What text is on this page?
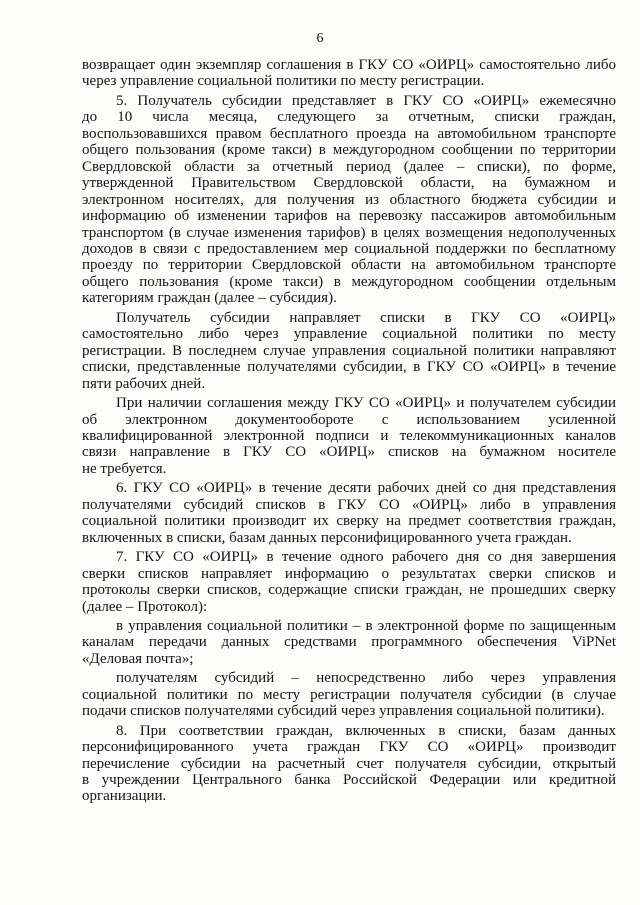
6
возвращает один экземпляр соглашения в ГКУ СО «ОИРЦ» самостоятельно либо
через управление социальной политики по месту регистрации.
5. Получатель субсидии представляет в ГКУ СО «ОИРЦ» ежемесячно
до 10 числа месяца, следующего за отчетным, списки граждан,
воспользовавшихся правом бесплатного проезда на автомобильном транспорте
общего пользования (кроме такси) в междугородном сообщении по территории
Свердловской области за отчетный период (далее – списки), по форме,
утвержденной Правительством Свердловской области, на бумажном и
электронном носителях, для получения из областного бюджета субсидии и
информацию об изменении тарифов на перевозку пассажиров автомобильным
транспортом (в случае изменения тарифов) в целях возмещения недополученных
доходов в связи с предоставлением мер социальной поддержки по бесплатному
проезду по территории Свердловской области на автомобильном транспорте
общего пользования (кроме такси) в междугородном сообщении отдельным
категориям граждан (далее – субсидия).
Получатель субсидии направляет списки в ГКУ СО «ОИРЦ»
самостоятельно либо через управление социальной политики по месту
регистрации. В последнем случае управления социальной политики направляют
списки, представленные получателями субсидии, в ГКУ СО «ОИРЦ» в течение
пяти рабочих дней.
При наличии соглашения между ГКУ СО «ОИРЦ» и получателем субсидии
об электронном документообороте с использованием усиленной
квалифицированной электронной подписи и телекоммуникационных каналов
связи направление в ГКУ СО «ОИРЦ» списков на бумажном носителе
не требуется.
6. ГКУ СО «ОИРЦ» в течение десяти рабочих дней со дня представления
получателями субсидий списков в ГКУ СО «ОИРЦ» либо в управления
социальной политики производит их сверку на предмет соответствия граждан,
включенных в списки, базам данных персонифицированного учета граждан.
7. ГКУ СО «ОИРЦ» в течение одного рабочего дня со дня завершения
сверки списков направляет информацию о результатах сверки списков и
протоколы сверки списков, содержащие списки граждан, не прошедших сверку
(далее – Протокол):
в управления социальной политики – в электронной форме по защищенным
каналам передачи данных средствами программного обеспечения ViPNet
«Деловая почта»;
получателям субсидий – непосредственно либо через управления
социальной политики по месту регистрации получателя субсидии (в случае
подачи списков получателями субсидий через управления социальной политики).
8. При соответствии граждан, включенных в списки, базам данных
персонифицированного учета граждан ГКУ СО «ОИРЦ» производит
перечисление субсидии на расчетный счет получателя субсидии, открытый
в учреждении Центрального банка Российской Федерации или кредитной
организации.
